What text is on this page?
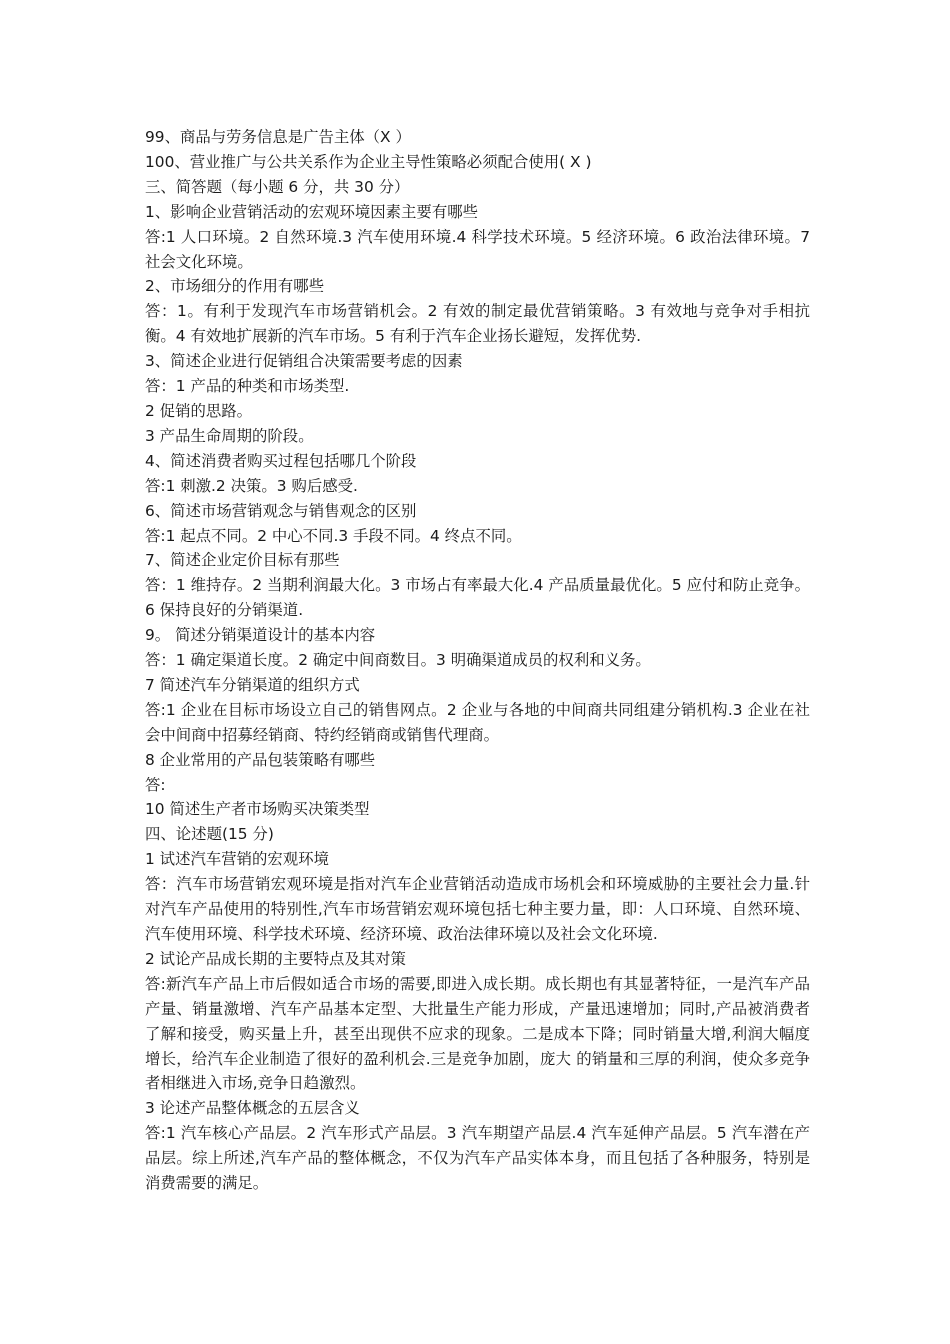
99、商品与劳务信息是广告主体（X ）

100、营业推广与公共关系作为企业主导性策略必须配合使用( X )

三、简答题（每小题 6 分，共 30 分）

1、影响企业营销活动的宏观环境因素主要有哪些

答:1 人口环境。2 自然环境.3 汽车使用环境.4 科学技术环境。5 经济环境。6 政治法律环境。7 社会文化环境。

2、市场细分的作用有哪些

答：1。有利于发现汽车市场营销机会。2 有效的制定最优营销策略。3 有效地与竞争对手相抗衡。4 有效地扩展新的汽车市场。5 有利于汽车企业扬长避短，发挥优势.

3、简述企业进行促销组合决策需要考虑的因素

答：1 产品的种类和市场类型.

2 促销的思路。

3 产品生命周期的阶段。

4、简述消费者购买过程包括哪几个阶段

答:1 刺激.2 决策。3 购后感受.

6、简述市场营销观念与销售观念的区别

答:1 起点不同。2 中心不同.3 手段不同。4 终点不同。

7、简述企业定价目标有那些

答：1 维持存。2 当期利润最大化。3 市场占有率最大化.4 产品质量最优化。5 应付和防止竞争。6 保持良好的分销渠道.

9。 简述分销渠道设计的基本内容

答：1 确定渠道长度。2 确定中间商数目。3 明确渠道成员的权利和义务。

7 简述汽车分销渠道的组织方式

答:1 企业在目标市场设立自己的销售网点。2 企业与各地的中间商共同组建分销机构.3 企业在社会中间商中招募经销商、特约经销商或销售代理商。

8 企业常用的产品包装策略有哪些

答:

10 简述生产者市场购买决策类型

四、论述题(15 分)

1 试述汽车营销的宏观环境

答：汽车市场营销宏观环境是指对汽车企业营销活动造成市场机会和环境威胁的主要社会力量.针对汽车产品使用的特别性,汽车市场营销宏观环境包括七种主要力量，即：人口环境、自然环境、汽车使用环境、科学技术环境、经济环境、政治法律环境以及社会文化环境.

2 试论产品成长期的主要特点及其对策

答:新汽车产品上市后假如适合市场的需要,即进入成长期。成长期也有其显著特征，一是汽车产品产量、销量激增、汽车产品基本定型、大批量生产能力形成，产量迅速增加；同时,产品被消费者了解和接受，购买量上升，甚至出现供不应求的现象。二是成本下降；同时销量大增,利润大幅度增长，给汽车企业制造了很好的盈利机会.三是竞争加剧，庞大 的销量和三厚的利润，使众多竞争者相继进入市场,竞争日趋激烈。

3 论述产品整体概念的五层含义

答:1 汽车核心产品层。2 汽车形式产品层。3 汽车期望产品层.4 汽车延伸产品层。5 汽车潜在产品层。综上所述,汽车产品的整体概念，不仅为汽车产品实体本身，而且包括了各种服务，特别是消费需要的满足。
